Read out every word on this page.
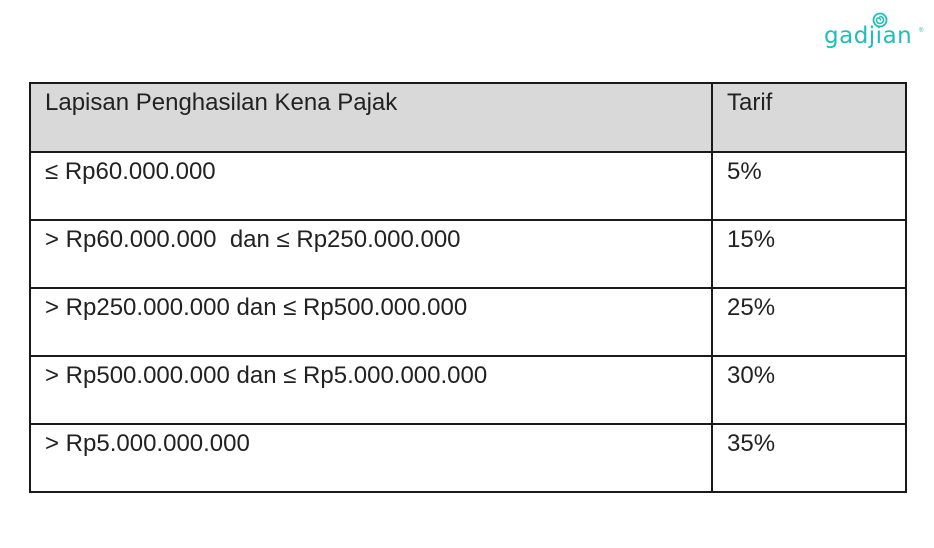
gadjian ®
Lapisan Penghasilan Kena Pajak	Tarif
≤ Rp60.000.000	5%
> Rp60.000.000  dan ≤ Rp250.000.000	15%
> Rp250.000.000 dan ≤ Rp500.000.000	25%
> Rp500.000.000 dan ≤ Rp5.000.000.000	30%
> Rp5.000.000.000	35%
